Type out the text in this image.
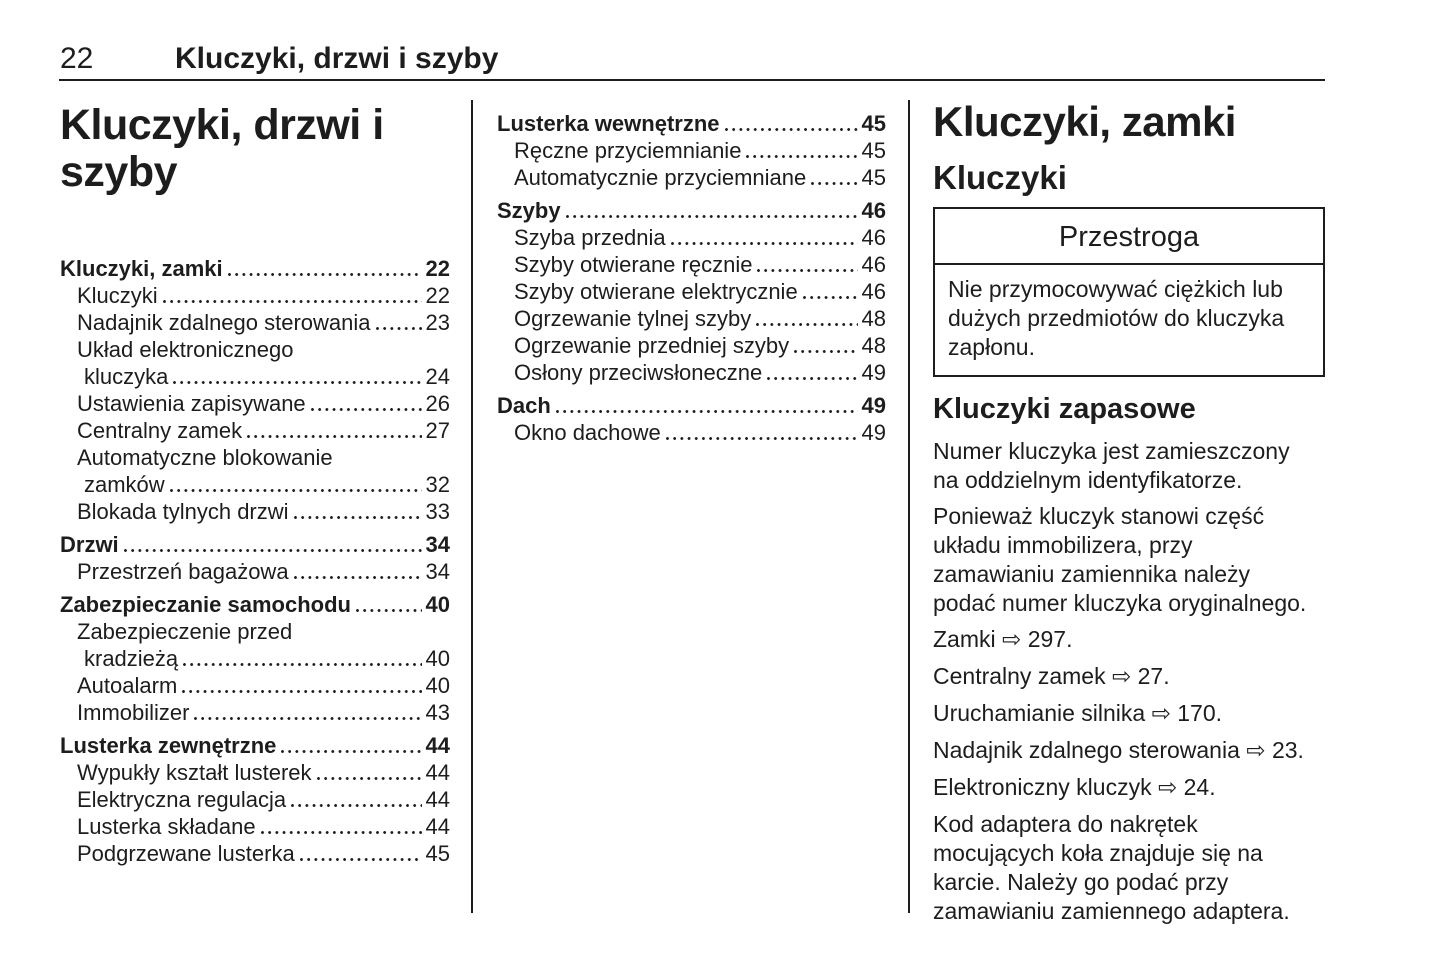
22	Kluczyki, drzwi i szyby
Kluczyki, drzwi i szyby
Kluczyki, zamki	22
Kluczyki	22
Nadajnik zdalnego sterowania 23
Układ elektronicznego
kluczyka	24
Ustawienia zapisywane	26
Centralny zamek	27
Automatyczne blokowanie
zamków	32
Blokada tylnych drzwi	33
Drzwi	34
Przestrzeń bagażowa	34
Zabezpieczanie samochodu	40
Zabezpieczenie przed
kradzieżą	40
Autoalarm	40
Immobilizer	43
Lusterka zewnętrzne	44
Wypukły kształt lusterek	44
Elektryczna regulacja	44
Lusterka składane	44
Podgrzewane lusterka	45
Lusterka wewnętrzne	45
Ręczne przyciemnianie	45
Automatycznie przyciemniane	45
Szyby	46
Szyba przednia	46
Szyby otwierane ręcznie	46
Szyby otwierane elektrycznie	46
Ogrzewanie tylnej szyby	48
Ogrzewanie przedniej szyby	48
Osłony przeciwsłoneczne	49
Dach	49
Okno dachowe	49
Kluczyki, zamki
Kluczyki
Przestroga
Nie przymocowywać ciężkich lub dużych przedmiotów do kluczyka zapłonu.
Kluczyki zapasowe

Numer kluczyka jest zamieszczony na oddzielnym identyfikatorze.

Ponieważ kluczyk stanowi część układu immobilizera, przy zamawianiu zamiennika należy podać numer kluczyka oryginalnego.

Zamki ⇨ 297.

Centralny zamek ⇨ 27.

Uruchamianie silnika ⇨ 170.

Nadajnik zdalnego sterowania ⇨ 23.

Elektroniczny kluczyk ⇨ 24.

Kod adaptera do nakrętek mocujących koła znajduje się na karcie. Należy go podać przy zamawianiu zamiennego adaptera.
